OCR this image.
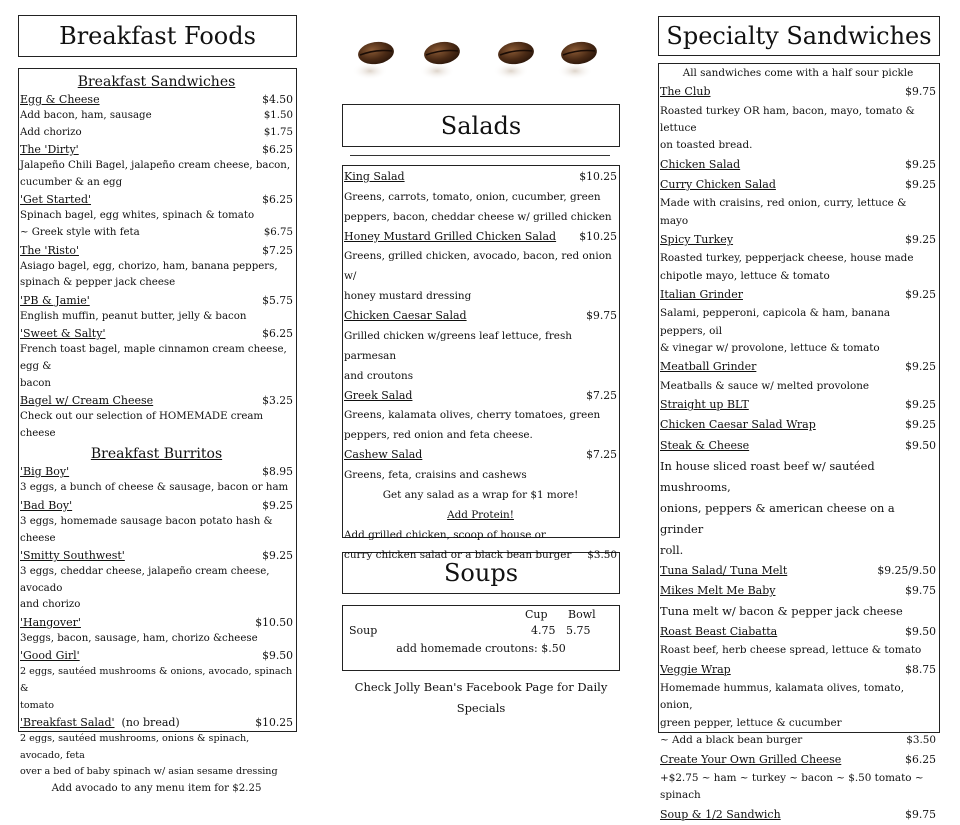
Breakfast Foods	Specialty Sandwiches
Salads
Soups
Breakfast Sandwiches
Egg & Cheese	$4.50
Add bacon, ham, sausage	$1.50
Add chorizo	$1.75
The 'Dirty'	$6.25
Jalapeño Chili Bagel, jalapeño cream cheese, bacon,
cucumber & an egg
'Get Started'	$6.25
Spinach bagel, egg whites, spinach & tomato
~ Greek style with feta	$6.75
The 'Risto'	$7.25
Asiago bagel, egg, chorizo, ham, banana peppers,
spinach & pepper jack cheese
'PB & Jamie'	$5.75
English muffin, peanut butter, jelly & bacon
'Sweet & Salty'	$6.25
French toast bagel, maple cinnamon cream cheese, egg &
bacon
Bagel w/ Cream Cheese	$3.25
Check out our selection of HOMEMADE cream cheese
Breakfast Burritos
'Big Boy'	$8.95
3 eggs, a bunch of cheese & sausage, bacon or ham
'Bad Boy'	$9.25
3 eggs, homemade sausage bacon potato hash & cheese
'Smitty Southwest'	$9.25
3 eggs, cheddar cheese, jalapeño cream cheese, avocado
and chorizo
'Hangover'	$10.50
3eggs, bacon, sausage, ham, chorizo &cheese
'Good Girl'	$9.50
2 eggs, sautéed mushrooms & onions, avocado, spinach &
tomato
'Breakfast Salad'  (no bread)	$10.25
2 eggs, sautéed mushrooms, onions & spinach, avocado, feta
over a bed of baby spinach w/ asian sesame dressing
Add avocado to any menu item for $2.25
King Salad	$10.25
Greens, carrots, tomato, onion, cucumber, green
peppers, bacon, cheddar cheese w/ grilled chicken
Honey Mustard Grilled Chicken Salad $10.25
Greens, grilled chicken, avocado, bacon, red onion w/
honey mustard dressing
Chicken Caesar Salad	$9.75
Grilled chicken w/greens leaf lettuce, fresh parmesan
and croutons
Greek Salad	$7.25
Greens, kalamata olives, cherry tomatoes, green
peppers, red onion and feta cheese.
Cashew Salad	$7.25
Greens, feta, craisins and cashews
Get any salad as a wrap for $1 more!
Add Protein!
Add grilled chicken, scoop of house or
curry chicken salad or a black bean burger $3.50
Cup Bowl
Soup	4.75 5.75
add homemade croutons: $.50
Check Jolly Bean's Facebook Page for Daily
Specials
All sandwiches come with a half sour pickle
The Club	$9.75
Roasted turkey OR ham, bacon, mayo, tomato & lettuce
on toasted bread.
Chicken Salad	$9.25
Curry Chicken Salad	$9.25
Made with craisins, red onion, curry, lettuce & mayo
Spicy Turkey	$9.25
Roasted turkey, pepperjack cheese, house made
chipotle mayo, lettuce & tomato
Italian Grinder	$9.25
Salami, pepperoni, capicola & ham, banana peppers, oil
& vinegar w/ provolone, lettuce & tomato
Meatball Grinder	$9.25
Meatballs & sauce w/ melted provolone
Straight up BLT	$9.25
Chicken Caesar Salad Wrap	$9.25
Steak & Cheese	$9.50
In house sliced roast beef w/ sautéed mushrooms,
onions, peppers & american cheese on a grinder
roll.
Tuna Salad/ Tuna Melt	$9.25/9.50
Mikes Melt Me Baby	$9.75
Tuna melt w/ bacon & pepper jack cheese
Roast Beast Ciabatta	$9.50
Roast beef, herb cheese spread, lettuce & tomato
Veggie Wrap	$8.75
Homemade hummus, kalamata olives, tomato, onion,
green pepper, lettuce & cucumber
~ Add a black bean burger	$3.50
Create Your Own Grilled Cheese	$6.25
+$2.75 ~ ham ~ turkey ~ bacon ~ $.50 tomato ~ spinach
Soup & 1/2 Sandwich	$9.75
